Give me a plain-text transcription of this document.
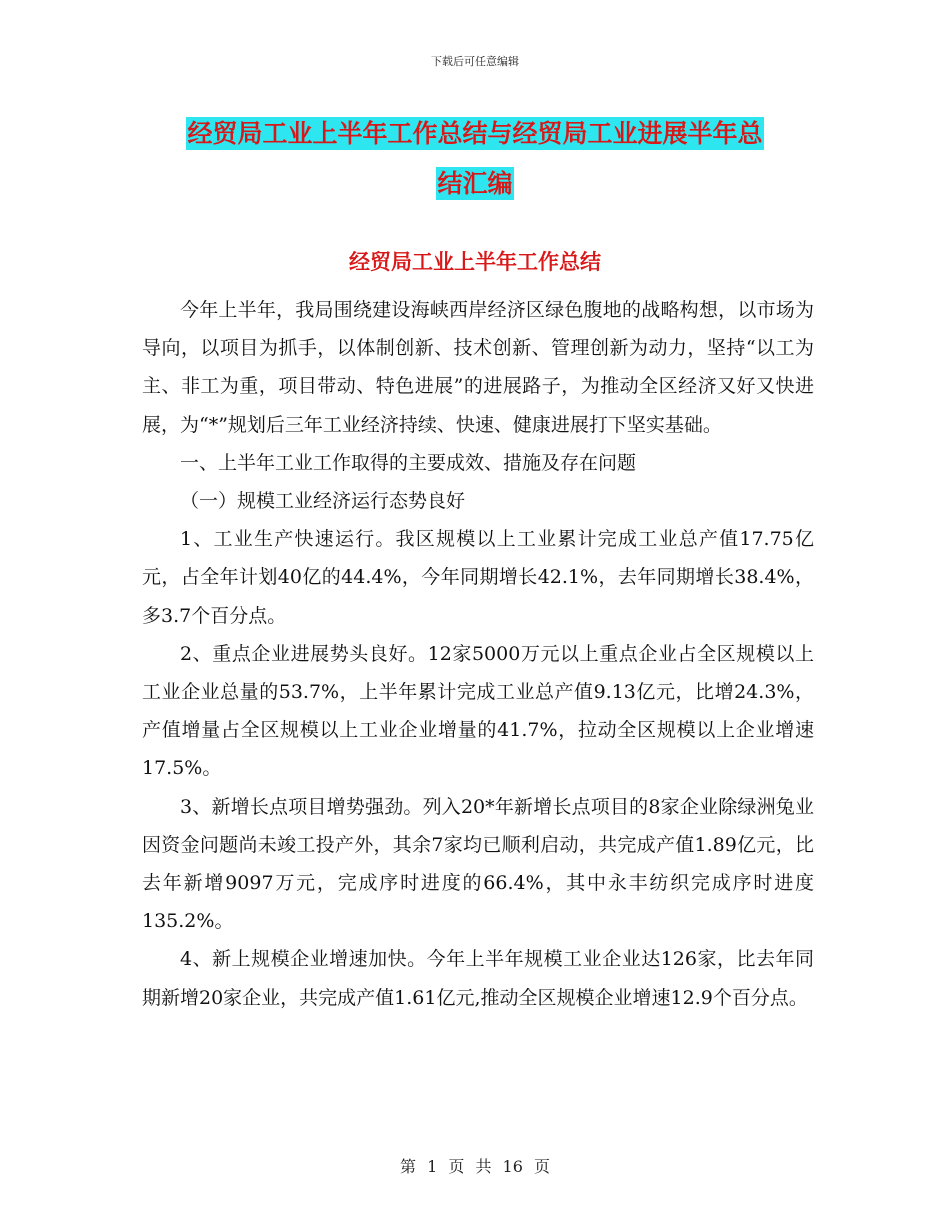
下载后可任意编辑
经贸局工业上半年工作总结与经贸局工业进展半年总
结汇编
经贸局工业上半年工作总结

今年上半年，我局围绕建设海峡西岸经济区绿色腹地的战略构想，以市场为导向，以项目为抓手，以体制创新、技术创新、管理创新为动力，坚持“以工为主、非工为重，项目带动、特色进展”的进展路子，为推动全区经济又好又快进展，为“*”规划后三年工业经济持续、快速、健康进展打下坚实基础。

一、上半年工业工作取得的主要成效、措施及存在问题

（一）规模工业经济运行态势良好

1、工业生产快速运行。我区规模以上工业累计完成工业总产值17.75亿元，占全年计划40亿的44.4%，今年同期增长42.1%，去年同期增长38.4%，多3.7个百分点。

2、重点企业进展势头良好。12家5000万元以上重点企业占全区规模以上工业企业总量的53.7%，上半年累计完成工业总产值9.13亿元，比增24.3%，产值增量占全区规模以上工业企业增量的41.7%，拉动全区规模以上企业增速17.5%。

3、新增长点项目增势强劲。列入20*年新增长点项目的8家企业除绿洲兔业因资金问题尚未竣工投产外，其余7家均已顺利启动，共完成产值1.89亿元，比去年新增9097万元，完成序时进度的66.4%，其中永丰纺织完成序时进度135.2%。

4、新上规模企业增速加快。今年上半年规模工业企业达126家，比去年同期新增20家企业，共完成产值1.61亿元,推动全区规模企业增速12.9个百分点。

第 1 页 共 16 页
